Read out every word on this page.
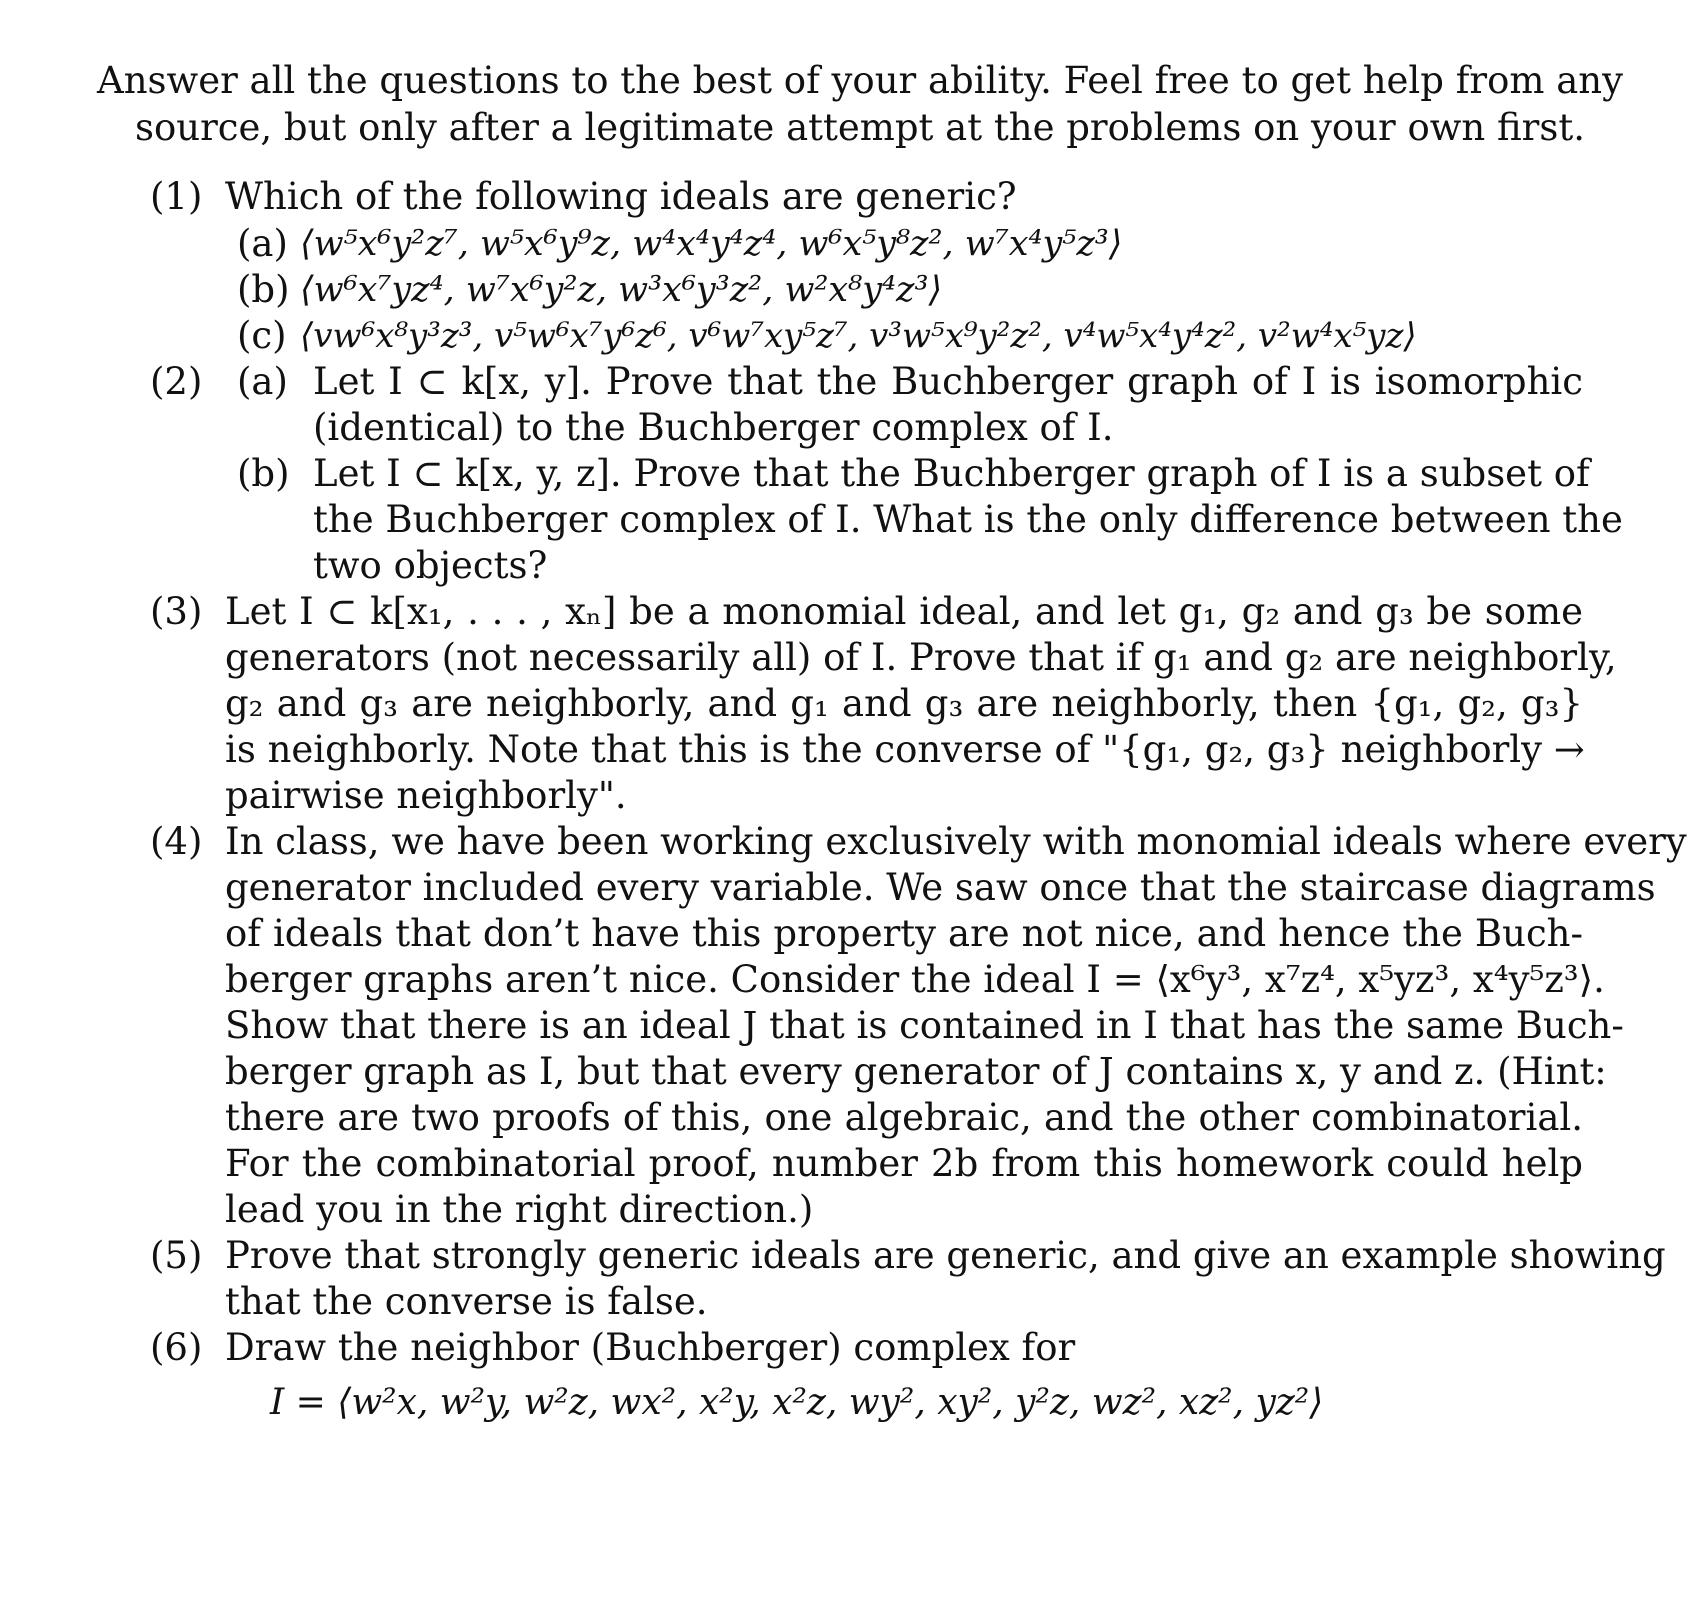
Answer all the questions to the best of your ability. Feel free to get help from any
source, but only after a legitimate attempt at the problems on your own first.
(1) Which of the following ideals are generic?
(a) ⟨w⁵x⁶y²z⁷, w⁵x⁶y⁹z, w⁴x⁴y⁴z⁴, w⁶x⁵y⁸z², w⁷x⁴y⁵z³⟩
(b) ⟨w⁶x⁷yz⁴, w⁷x⁶y²z, w³x⁶y³z², w²x⁸y⁴z³⟩
(c) ⟨vw⁶x⁸y³z³, v⁵w⁶x⁷y⁶z⁶, v⁶w⁷xy⁵z⁷, v³w⁵x⁹y²z², v⁴w⁵x⁴y⁴z², v²w⁴x⁵yz⟩
(2) (a) Let I ⊂ k[x, y]. Prove that the Buchberger graph of I is isomorphic
(identical) to the Buchberger complex of I.
(b) Let I ⊂ k[x, y, z]. Prove that the Buchberger graph of I is a subset of
the Buchberger complex of I. What is the only difference between the
two objects?
(3) Let I ⊂ k[x₁, . . . , xₙ] be a monomial ideal, and let g₁, g₂ and g₃ be some
generators (not necessarily all) of I. Prove that if g₁ and g₂ are neighborly,
g₂ and g₃ are neighborly, and g₁ and g₃ are neighborly, then {g₁, g₂, g₃}
is neighborly. Note that this is the converse of "{g₁, g₂, g₃} neighborly →
pairwise neighborly".
(4) In class, we have been working exclusively with monomial ideals where every
generator included every variable. We saw once that the staircase diagrams
of ideals that don’t have this property are not nice, and hence the Buch-
berger graphs aren’t nice. Consider the ideal I = ⟨x⁶y³, x⁷z⁴, x⁵yz³, x⁴y⁵z³⟩.
Show that there is an ideal J that is contained in I that has the same Buch-
berger graph as I, but that every generator of J contains x, y and z. (Hint:
there are two proofs of this, one algebraic, and the other combinatorial.
For the combinatorial proof, number 2b from this homework could help
lead you in the right direction.)
(5) Prove that strongly generic ideals are generic, and give an example showing
that the converse is false.
(6) Draw the neighbor (Buchberger) complex for
I = ⟨w²x, w²y, w²z, wx², x²y, x²z, wy², xy², y²z, wz², xz², yz²⟩
